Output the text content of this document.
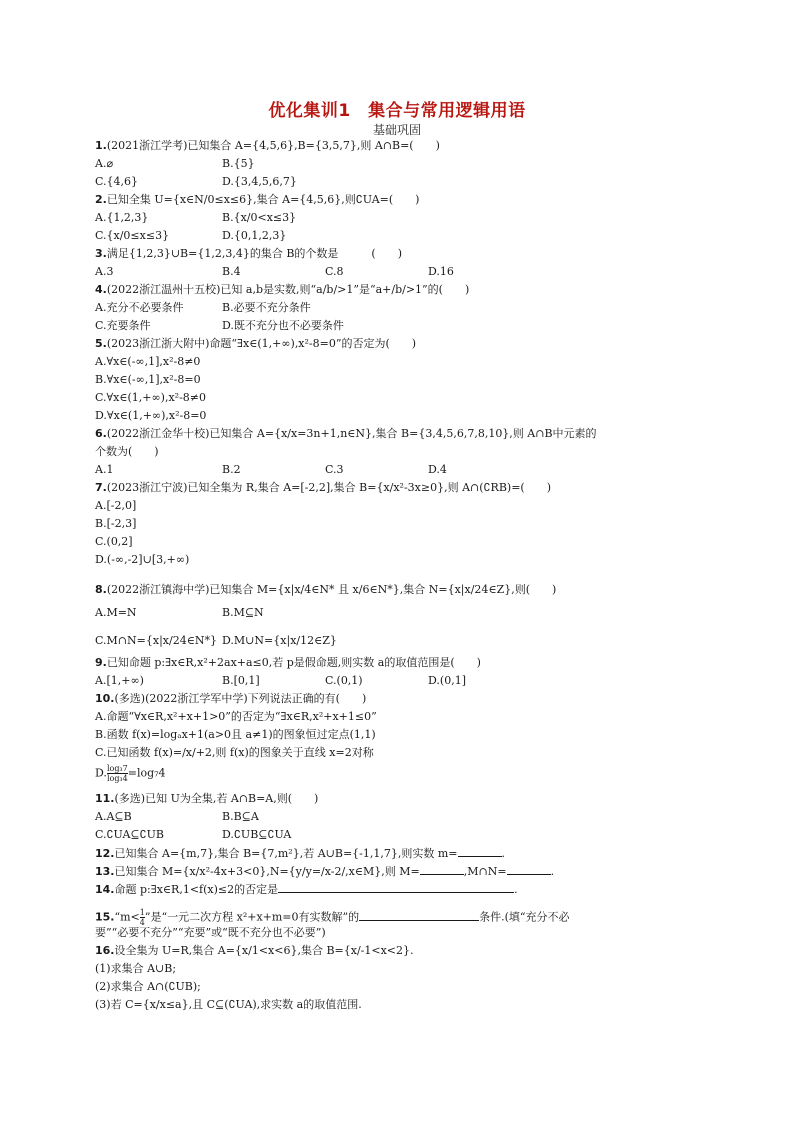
优化集训1　集合与常用逻辑用语
基础巩固
1.(2021浙江学考)已知集合 A={4,5,6},B={3,5,7},则 A∩B=(　　)
A.⌀	B.{5}
C.{4,6}	D.{3,4,5,6,7}
2.已知全集 U={x∈N/0≤x≤6},集合 A={4,5,6},则∁UA=(　　)
A.{1,2,3}	B.{x/0<x≤3}
C.{x/0≤x≤3}	D.{0,1,2,3}
3.满足{1,2,3}∪B={1,2,3,4}的集合 B的个数是　　　(　　)
A.3	B.4	C.8	D.16
4.(2022浙江温州十五校)已知 a,b是实数,则“a/b/>1”是“a+/b/>1”的(　　)
A.充分不必要条件	B.必要不充分条件
C.充要条件	D.既不充分也不必要条件
5.(2023浙江浙大附中)命题“∃x∈(1,+∞),x²-8=0”的否定为(　　)
A.∀x∈(-∞,1],x²-8≠0
B.∀x∈(-∞,1],x²-8=0
C.∀x∈(1,+∞),x²-8≠0
D.∀x∈(1,+∞),x²-8=0
6.(2022浙江金华十校)已知集合 A={x/x=3n+1,n∈N},集合 B={3,4,5,6,7,8,10},则 A∩B中元素的
个数为(　　)
A.1	B.2	C.3	D.4
7.(2023浙江宁波)已知全集为 R,集合 A=[-2,2],集合 B={x/x²-3x≥0},则 A∩(∁RB)=(　　)
A.[-2,0]
B.[-2,3]
C.(0,2]
D.(-∞,-2]∪[3,+∞)
8.(2022浙江镇海中学)已知集合 M={x|x/4∈N* 且 x/6∈N*},集合 N={x|x/24∈Z},则(　　)
A.M=N	B.M⊆N
C.M∩N={x|x/24∈N*} D.M∪N={x|x/12∈Z}
9.已知命题 p:∃x∈R,x²+2ax+a≤0,若 p是假命题,则实数 a的取值范围是(　　)
A.[1,+∞)	B.[0,1]	C.(0,1)	D.(0,1]
10.(多选)(2022浙江学军中学)下列说法正确的有(　　)
A.命题“∀x∈R,x²+x+1>0”的否定为“∃x∈R,x²+x+1≤0”
B.函数 f(x)=logₐx+1(a>0且 a≠1)的图象恒过定点(1,1)
C.已知函数 f(x)=/x/+2,则 f(x)的图象关于直线 x=2对称
D. $\frac{\text{log₃7}}{\text{log₃4}} =\log_74$
11.(多选)已知 U为全集,若 A∩B=A,则(　　)
A.A⊆B	B.B⊆A
C.∁UA⊆∁UB	D.∁UB⊆∁UA
12.已知集合 A={m,7},集合 B={7,m²},若 A∪B={-1,1,7},则实数 m=	.
13.已知集合 M={x/x²-4x+3<0},N={y/y=/x-2/,x∈M},则 M=	,M∩N=	.
14.命题 p:∃x∈R,1<f(x)≤2的否定是	.
15.“m< $\frac{1}{4}$ ”是“一元二次方程 x²+x+m=0有实数解”的	条件.(填“充分不必
要”“必要不充分”“充要”或“既不充分也不必要”)
16.设全集为 U=R,集合 A={x/1<x<6},集合 B={x/-1<x<2}.
(1)求集合 A∪B;
(2)求集合 A∩(∁UB);
(3)若 C={x/x≤a},且 C⊆(∁UA),求实数 a的取值范围.
